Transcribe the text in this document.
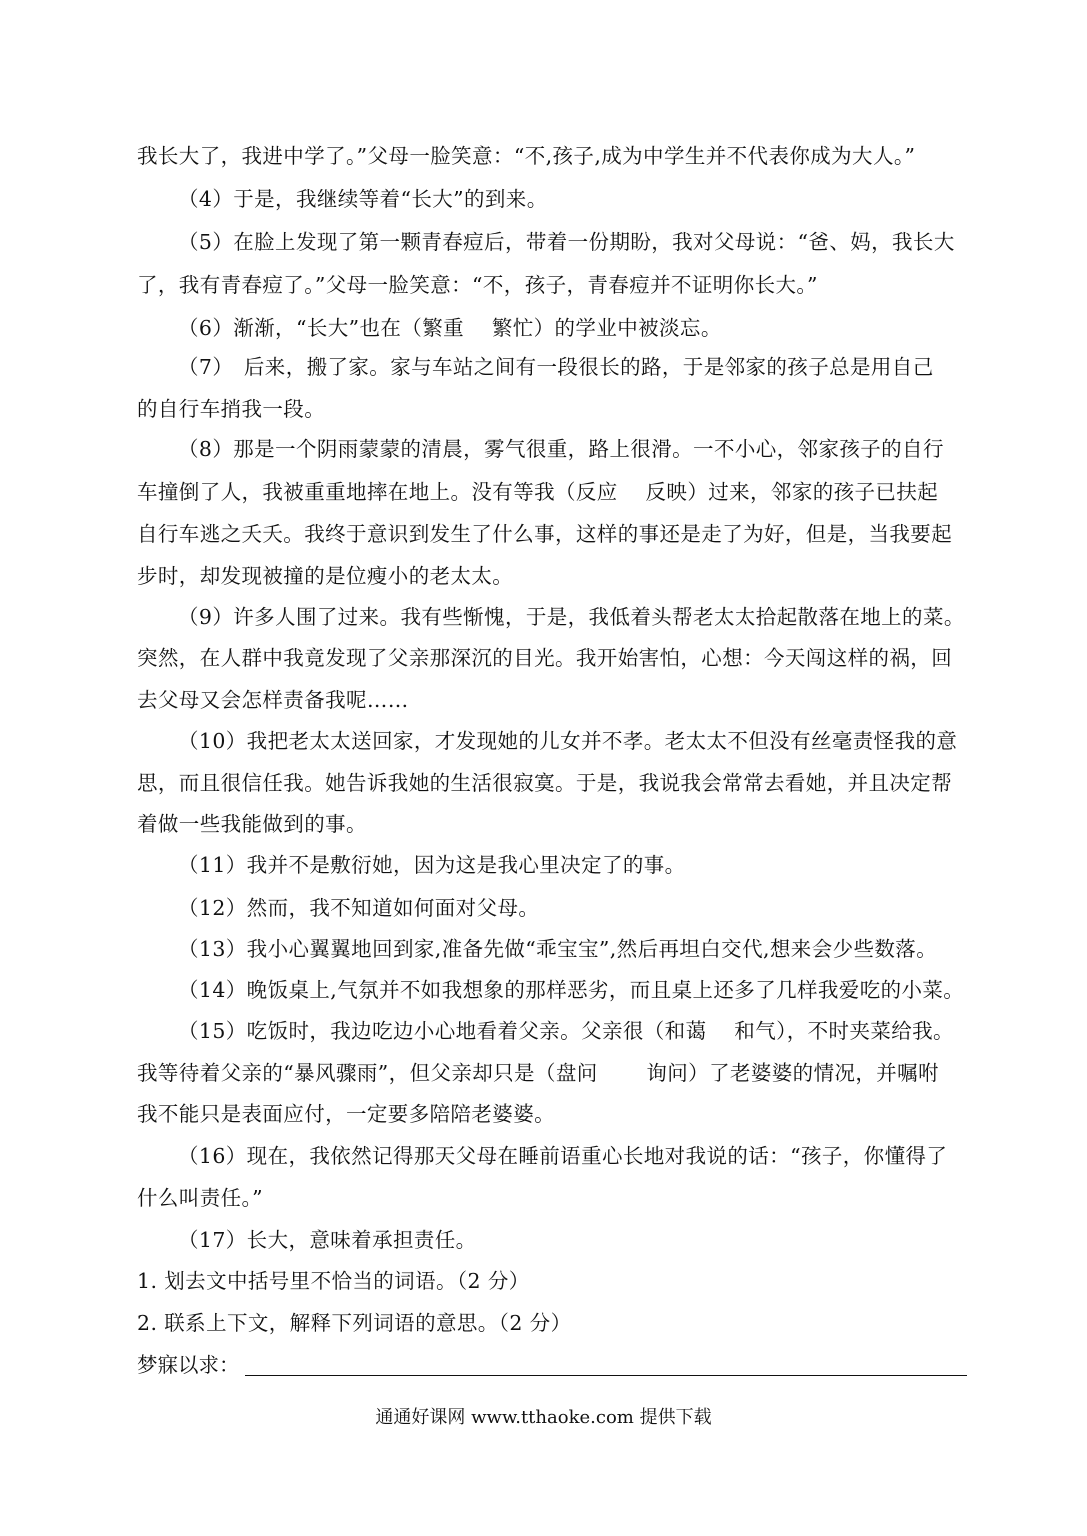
我长大了，我进中学了。”父母一脸笑意：“不,孩子,成为中学生并不代表你成为大人。”
（4）于是，我继续等着“长大”的到来。
（5）在脸上发现了第一颗青春痘后，带着一份期盼，我对父母说：“爸、妈，我长大
了，我有青春痘了。”父母一脸笑意：“不，孩子，青春痘并不证明你长大。”
（6）渐渐，“长大”也在（繁重　 繁忙）的学业中被淡忘。
（7）　后来，搬了家。家与车站之间有一段很长的路，于是邻家的孩子总是用自己
的自行车捎我一段。
（8）那是一个阴雨蒙蒙的清晨，雾气很重，路上很滑。一不小心，邻家孩子的自行
车撞倒了人，我被重重地摔在地上。没有等我（反应　 反映）过来，邻家的孩子已扶起
自行车逃之夭夭。我终于意识到发生了什么事，这样的事还是走了为好，但是，当我要起
步时，却发现被撞的是位瘦小的老太太。
（9）许多人围了过来。我有些惭愧，于是，我低着头帮老太太拾起散落在地上的菜。
突然，在人群中我竟发现了父亲那深沉的目光。我开始害怕，心想：今天闯这样的祸，回
去父母又会怎样责备我呢……
（10）我把老太太送回家，才发现她的儿女并不孝。老太太不但没有丝毫责怪我的意
思，而且很信任我。她告诉我她的生活很寂寞。于是，我说我会常常去看她，并且决定帮
着做一些我能做到的事。
（11）我并不是敷衍她，因为这是我心里决定了的事。
（12）然而，我不知道如何面对父母。
（13）我小心翼翼地回到家,准备先做“乖宝宝”,然后再坦白交代,想来会少些数落。
（14）晚饭桌上,气氛并不如我想象的那样恶劣，而且桌上还多了几样我爱吃的小菜。
（15）吃饭时，我边吃边小心地看着父亲。父亲很（和蔼　 和气），不时夹菜给我。
我等待着父亲的“暴风骤雨”，但父亲却只是（盘问　　 询问）了老婆婆的情况，并嘱咐
我不能只是表面应付，一定要多陪陪老婆婆。
（16）现在，我依然记得那天父母在睡前语重心长地对我说的话：“孩子，你懂得了
什么叫责任。”
（17）长大，意味着承担责任。
1. 划去文中括号里不恰当的词语。（2 分）
2. 联系上下文，解释下列词语的意思。（2 分）
梦寐以求：
通通好课网 www.tthaoke.com 提供下载
